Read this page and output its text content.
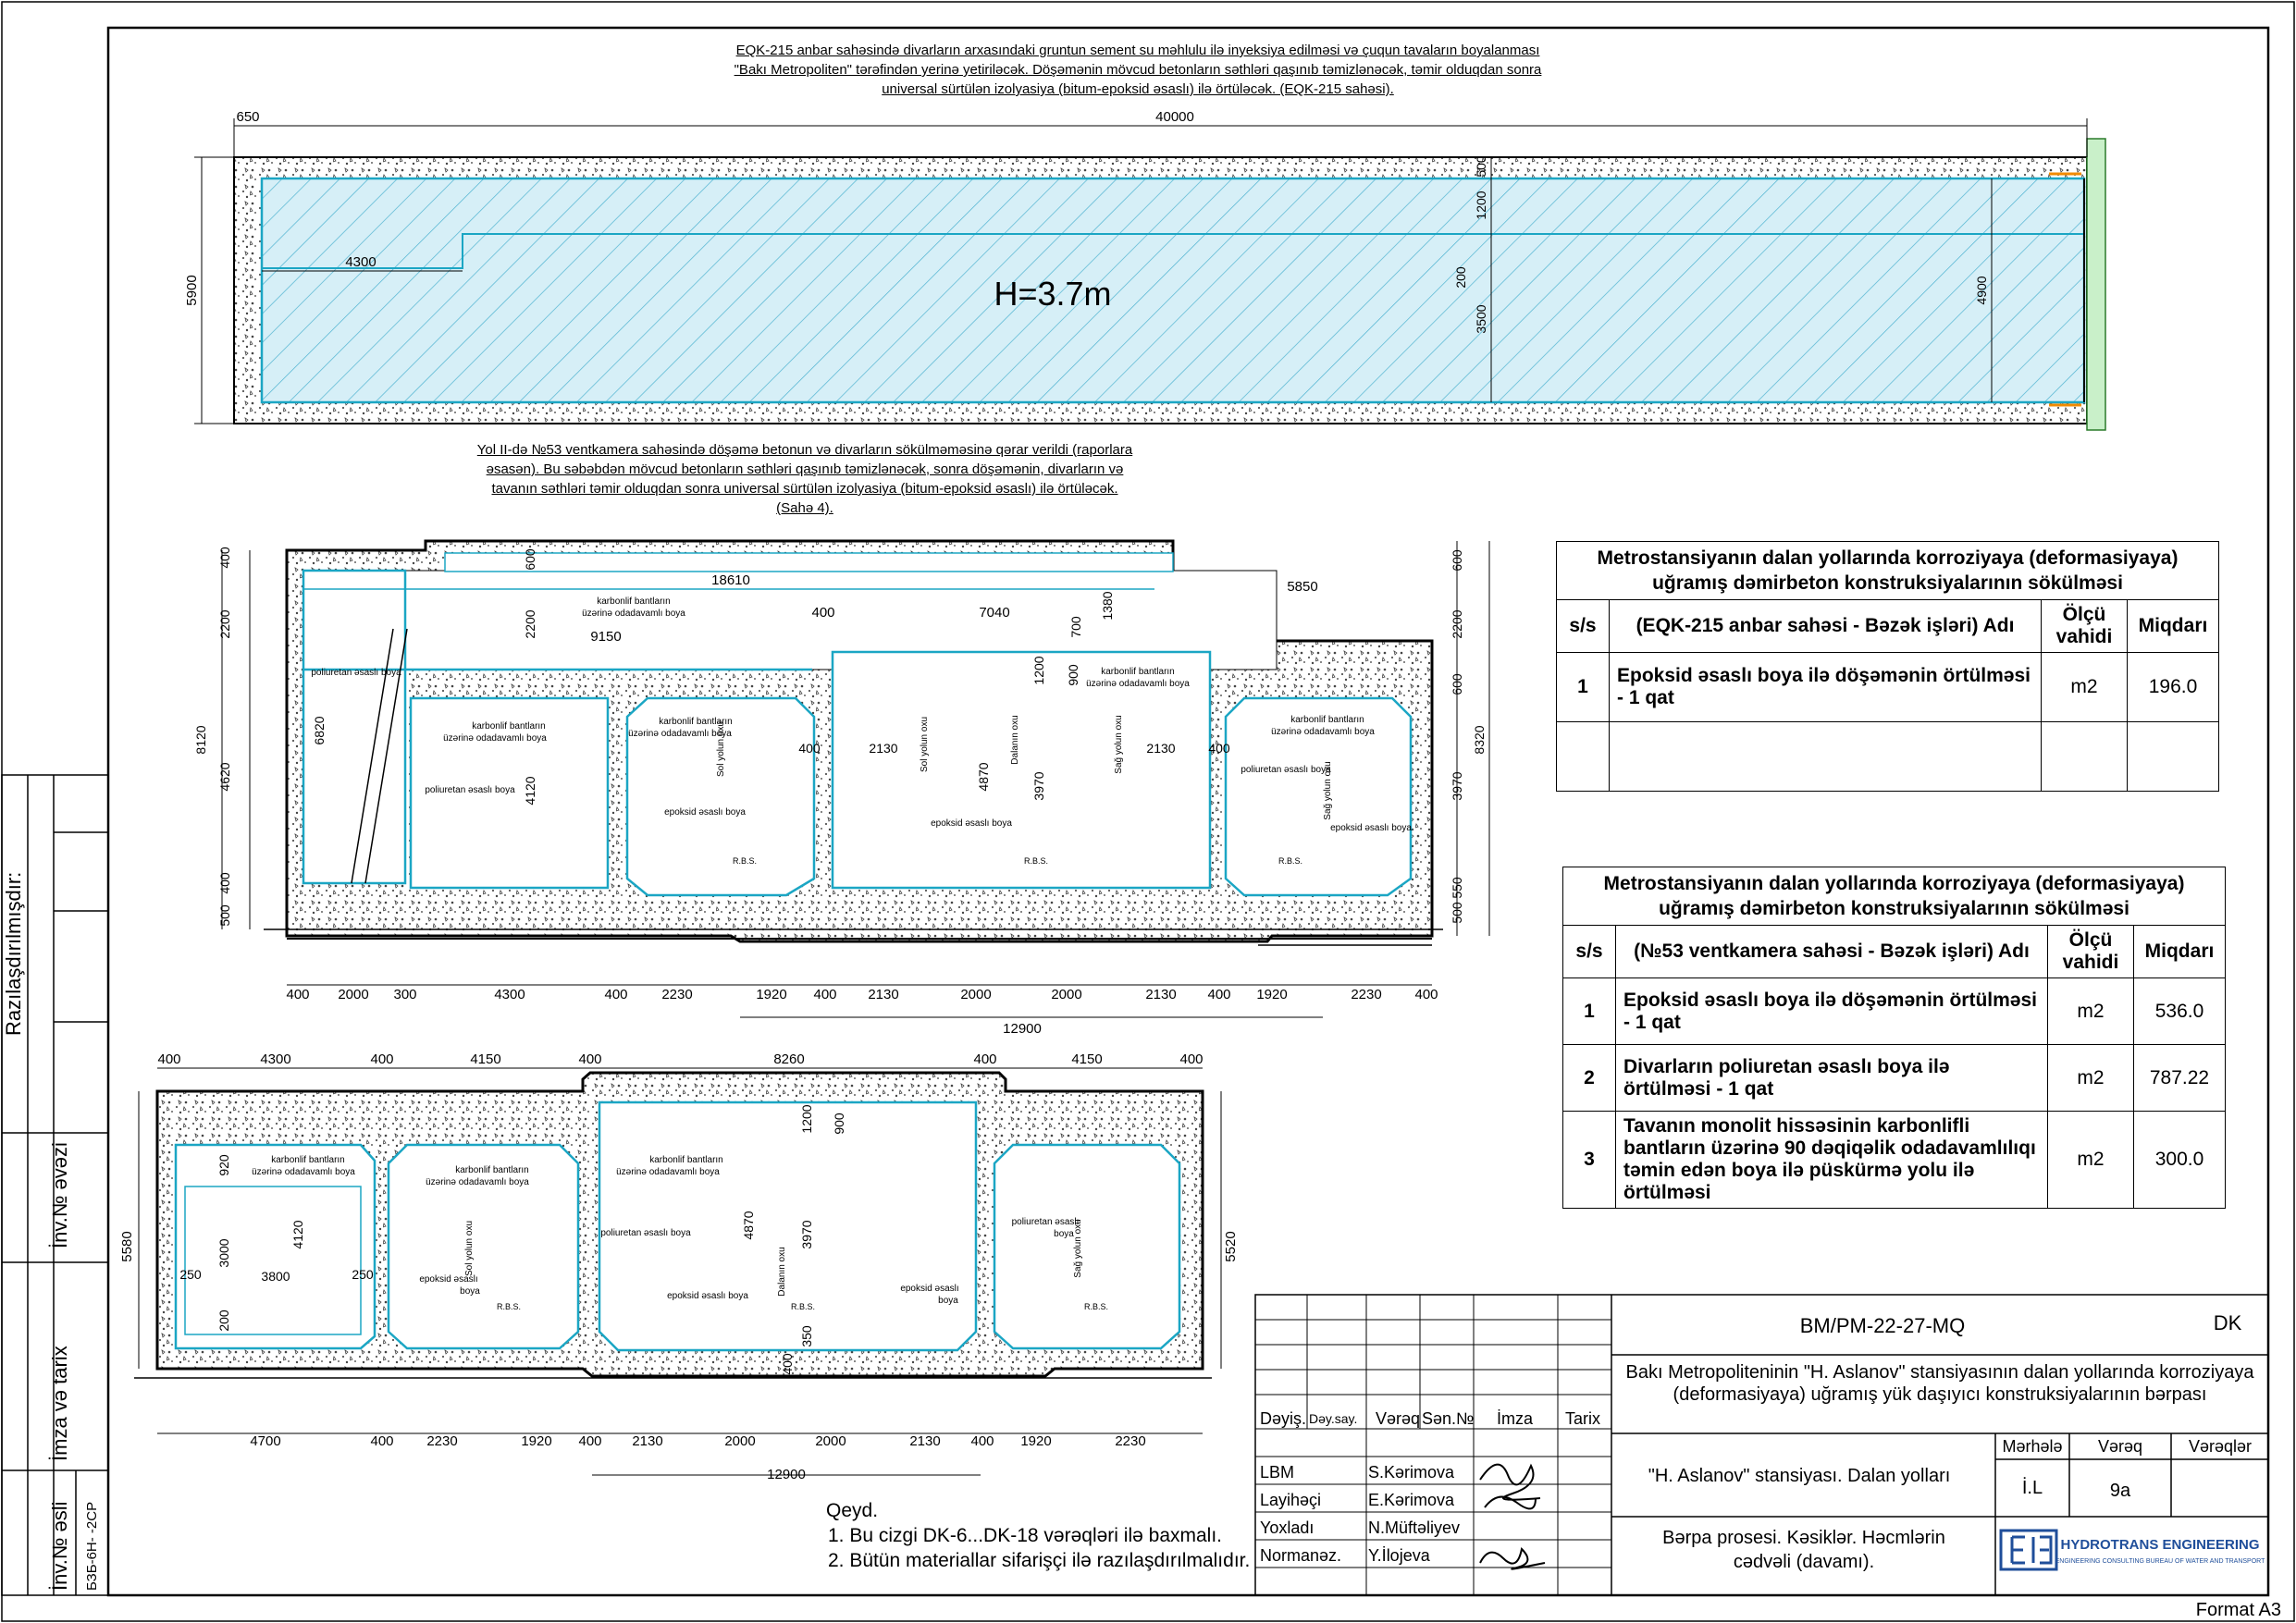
Razılaşdırılmışdır:
İnv.№ əvəzi
İmza və tarix
İnv.№ əsli БЗБ-6Н- -2СР
H=3.7m
40000
650
4300
5900
500
1200
200
3500
4900
18610
400	7040
5850
9150
1380
700
400
2200
8120
4620
6820
500
400
600
2200
600
8320
3970
500
550
2200
600
4120
400	2130
4870
1200 900
3970
2130	400
karbonlif bantların
üzərinə odadavamlı boya
karbonlif bantların
üzərinə odadavamlı boya
karbonlif bantların
üzərinə odadavamlı boya
karbonlif bantların
üzərinə odadavamlı boya
karbonlif bantların
üzərinə odadavamlı boya
poliuretan əsaslı boya
poliuretan əsaslı boya
poliuretan əsaslı boya
epoksid əsaslı boya
epoksid əsaslı boya	epoksid əsaslı boya
R.B.S.	R.B.S.	R.B.S.
Sol yolun oxu	Dalanın oxu
Sol yolun oxu	Sağ yolun oxu
Sağ yolun oxu
400 2000 300	4300	400 2230	1920 400 2130	2000	2000	2130 400 1920	2230 400
12900
400	4300	400	4150	400	8260	400	4150	400
920
3000
4120
3800
250	250
200
4870	3970
1200 900
350
400
5580	5520
karbonlif bantların
üzərinə odadavamlı boya	karbonlif bantların
üzərinə odadavamlı boya
karbonlif bantların
üzərinə odadavamlı boya
poliuretan əsaslı boya
poliuretan əsaslı
boya
epoksid əsaslı
boya	epoksid əsaslı boya
epoksid əsaslı
boya
R.B.S.	R.B.S.	R.B.S.
Sol yolun oxu	Dalanın oxu	Sağ yolun oxu
4700	400 2230	1920 400 2130	2000	2000	2130 400 1920	2230
12900
Dəyiş. Dəy.say. Vərəq Sən.№ İmza Tarix
LBM	S.Kərimova
Layihəçi	E.Kərimova
Yoxladı	N.Müftəliyev
Normanəz. Y.İlojeva
BM/PM-22-27-MQ	DK
"H. Aslanov" stansiyası. Dalan yolları
Mərhələ Vərəq	Vərəqlər
İ.L	9a
HYDROTRANS ENGINEERING
ENGINEERING CONSULTING BUREAU OF WATER AND TRANSPORT
EQK-215 anbar sahəsində divarların arxasındaki gruntun sement su məhlulu ilə inyeksiya edilməsi və çuqun tavaların boyalanması
"Bakı Metropoliten" tərəfindən yerinə yetiriləcək. Döşəmənin mövcud betonların səthləri qaşınıb təmizlənəcək, təmir olduqdan sonra
universal sürtülən izolyasiya (bitum-epoksid əsaslı) ilə örtüləcək. (EQK-215 sahəsi).
Yol II-də №53 ventkamera sahəsində döşəmə betonun və divarların sökülməməsinə qərar verildi (raporlara
əsasən). Bu səbəbdən mövcud betonların səthləri qaşınıb təmizlənəcək, sonra döşəmənin, divarların və
tavanın səthləri təmir olduqdan sonra universal sürtülən izolyasiya (bitum-epoksid əsaslı) ilə örtüləcək.
(Sahə 4).
Metrostansiyanın dalan yollarında korroziyaya (deformasiyaya) uğramış dəmirbeton konstruksiyalarının sökülməsi			
s/s	(EQK-215 anbar sahəsi - Bəzək işləri) Adı	Ölçü vahidi	Miqdarı
1	Epoksid əsaslı boya ilə döşəmənin örtülməsi - 1 qat	m2	196.0

Metrostansiyanın dalan yollarında korroziyaya (deformasiyaya) uğramış dəmirbeton konstruksiyalarının sökülməsi			
s/s	(№53 ventkamera sahəsi - Bəzək işləri) Adı	Ölçü vahidi	Miqdarı
1	Epoksid əsaslı boya ilə döşəmənin örtülməsi - 1 qat	m2	536.0
2	Divarların poliuretan əsaslı boya ilə örtülməsi - 1 qat	m2	787.22
3	Tavanın monolit hissəsinin karbonlifli bantların üzərinə 90 dəqiqəlik odadavamlılıqı təmin edən boya ilə püskürmə yolu ilə örtülməsi	m2	300.0
Bakı Metropoliteninin "H. Aslanov" stansiyasının dalan yollarında korroziyaya (deformasiyaya) uğramış yük daşıyıcı konstruksiyalarının bərpası
Bərpa prosesi. Kəsiklər. Həcmlərin cədvəli (davamı).
Qeyd.
1. Bu cizgi DK-6...DK-18 vərəqləri ilə baxmalı.
2. Bütün materiallar sifarişçi ilə razılaşdırılmalıdır.
Format A3
